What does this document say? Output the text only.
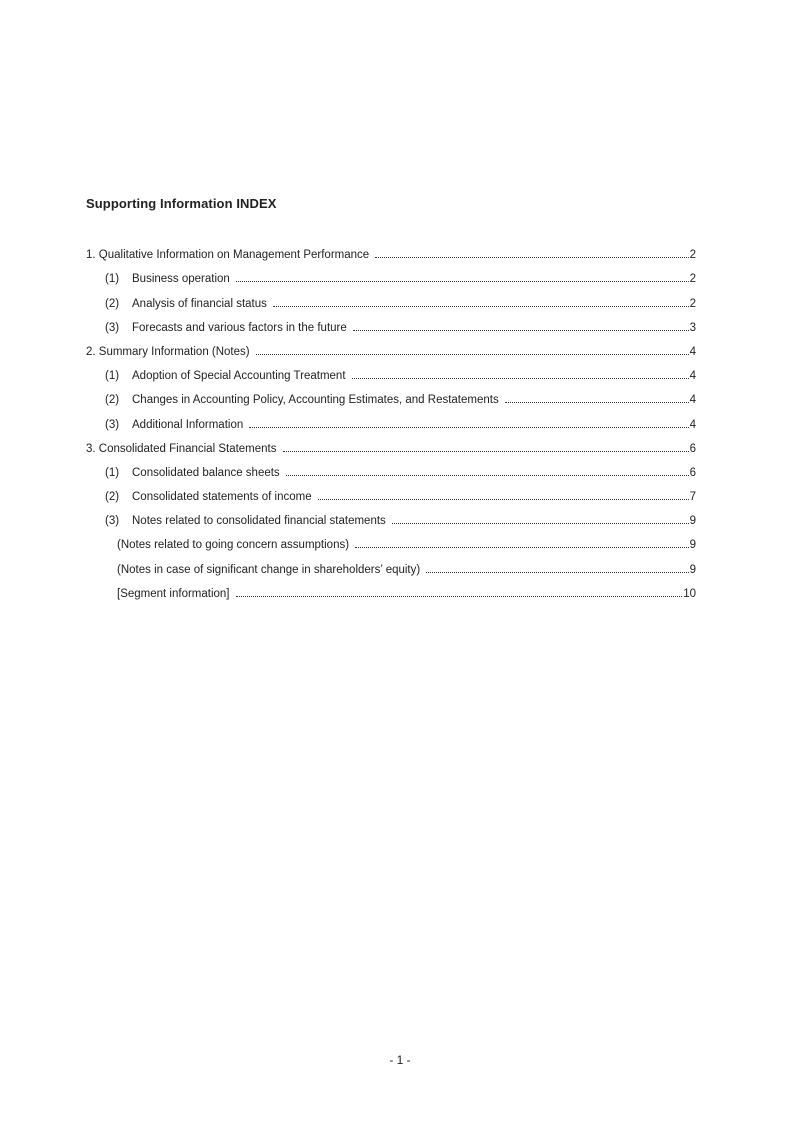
Supporting Information INDEX
1. Qualitative Information on Management Performance	2
(1)	Business operation	2
(2)	Analysis of financial status	2
(3)	Forecasts and various factors in the future	3
2. Summary Information (Notes)	4
(1)	Adoption of Special Accounting Treatment	4
(2)	Changes in Accounting Policy, Accounting Estimates, and Restatements	4
(3)	Additional Information	4
3. Consolidated Financial Statements	6
(1)	Consolidated balance sheets	6
(2)	Consolidated statements of income	7
(3)	Notes related to consolidated financial statements	9
(Notes related to going concern assumptions)	9
(Notes in case of significant change in shareholders’ equity)	9
[Segment information]	10
- 1 -
